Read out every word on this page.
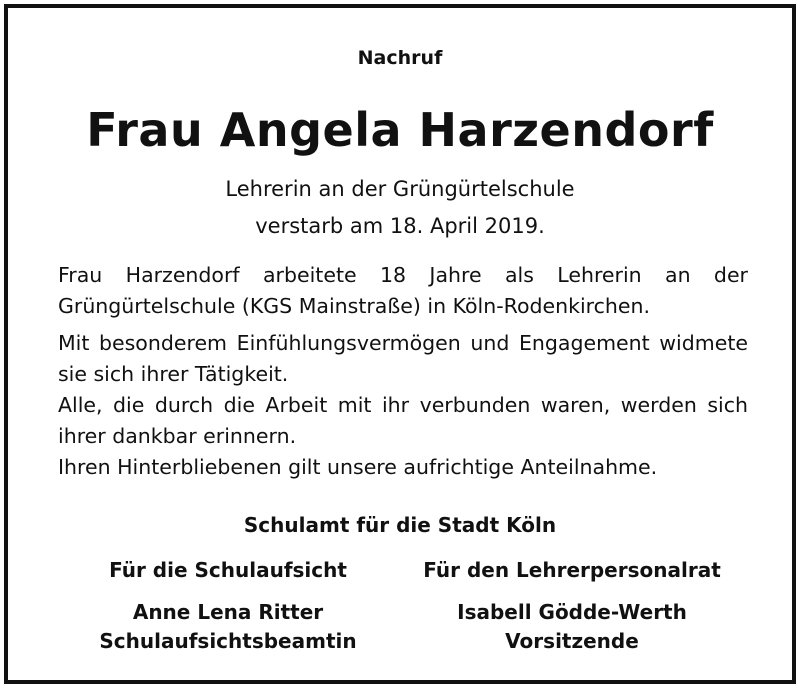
Nachruf
Frau Angela Harzendorf
Lehrerin an der Grüngürtelschule
verstarb am 18. April 2019.

Frau Harzendorf arbeitete 18 Jahre als Lehrerin an der Grüngürtelschule (KGS Mainstraße) in Köln-Rodenkirchen.

Mit besonderem Einfühlungsvermögen und Engagement widmete sie sich ihrer Tätigkeit.

Alle, die durch die Arbeit mit ihr verbunden waren, werden sich ihrer dankbar erinnern.

Ihren Hinterbliebenen gilt unsere aufrichtige Anteilnahme.

Schulamt für die Stadt Köln
Für die Schulaufsicht
Anne Lena Ritter
Schulaufsichtsbeamtin
Für den Lehrerpersonalrat
Isabell Gödde-Werth
Vorsitzende
